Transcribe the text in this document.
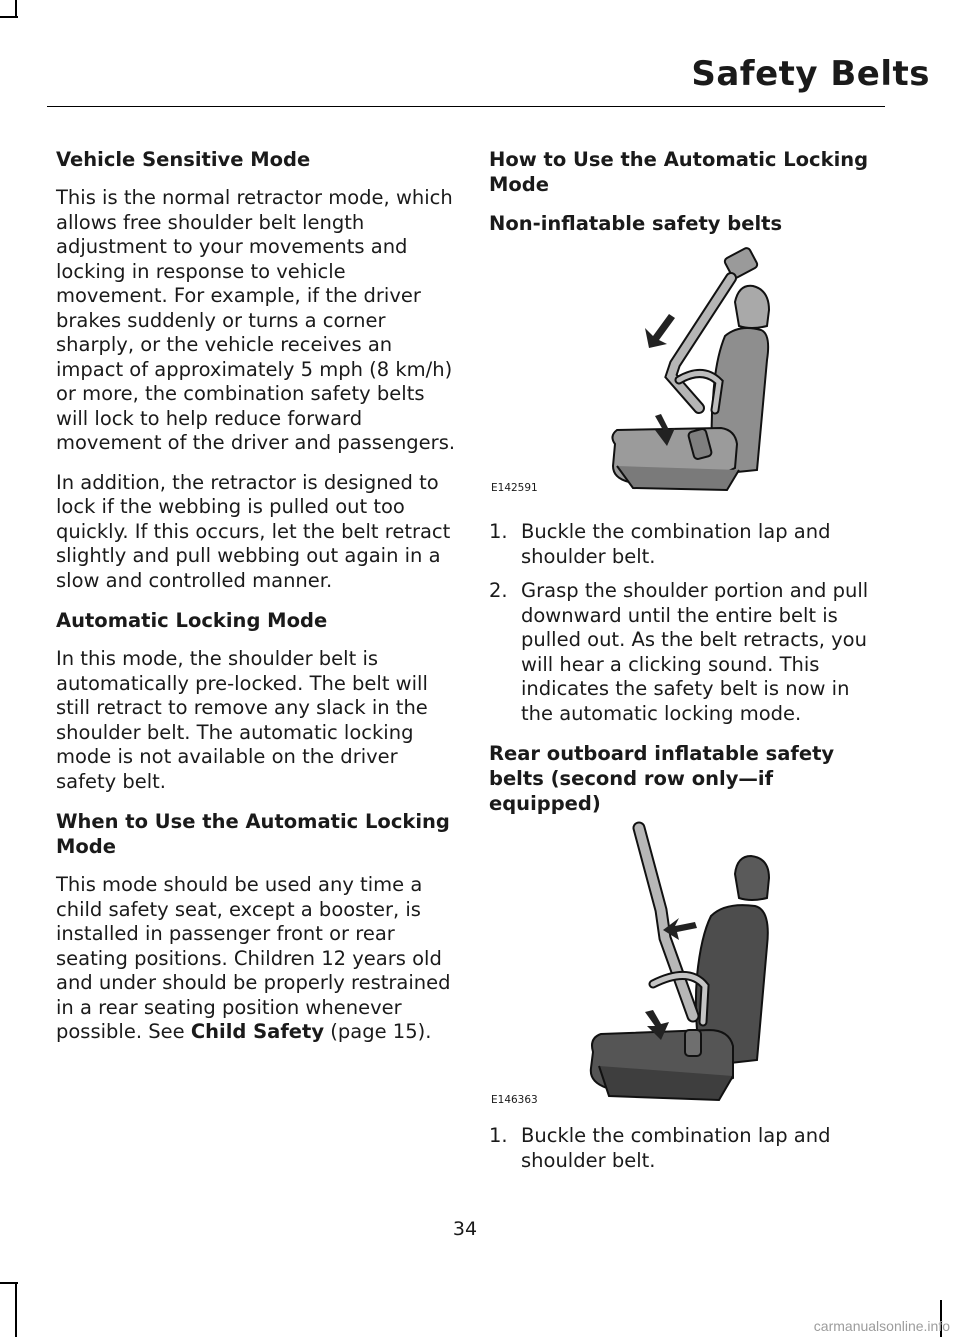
Safety Belts
Vehicle Sensitive Mode
This is the normal retractor mode, which allows free shoulder belt length adjustment to your movements and locking in response to vehicle movement. For example, if the driver brakes suddenly or turns a corner sharply, or the vehicle receives an impact of approximately 5 mph (8 km/h) or more, the combination safety belts will lock to help reduce forward movement of the driver and passengers.
In addition, the retractor is designed to lock if the webbing is pulled out too quickly. If this occurs, let the belt retract slightly and pull webbing out again in a slow and controlled manner.
Automatic Locking Mode
In this mode, the shoulder belt is automatically pre-locked. The belt will still retract to remove any slack in the shoulder belt. The automatic locking mode is not available on the driver safety belt.
When to Use the Automatic Locking Mode
This mode should be used any time a child safety seat, except a booster, is installed in passenger front or rear seating positions. Children 12 years old and under should be properly restrained in a rear seating position whenever possible. See Child Safety (page 15).
How to Use the Automatic Locking Mode
Non-inflatable safety belts
E142591
1. Buckle the combination lap and shoulder belt.
2. Grasp the shoulder portion and pull downward until the entire belt is pulled out. As the belt retracts, you will hear a clicking sound. This indicates the safety belt is now in the automatic locking mode.
Rear outboard inflatable safety belts (second row only—if equipped)
E146363
1. Buckle the combination lap and shoulder belt.
34
carmanualsonline.info
